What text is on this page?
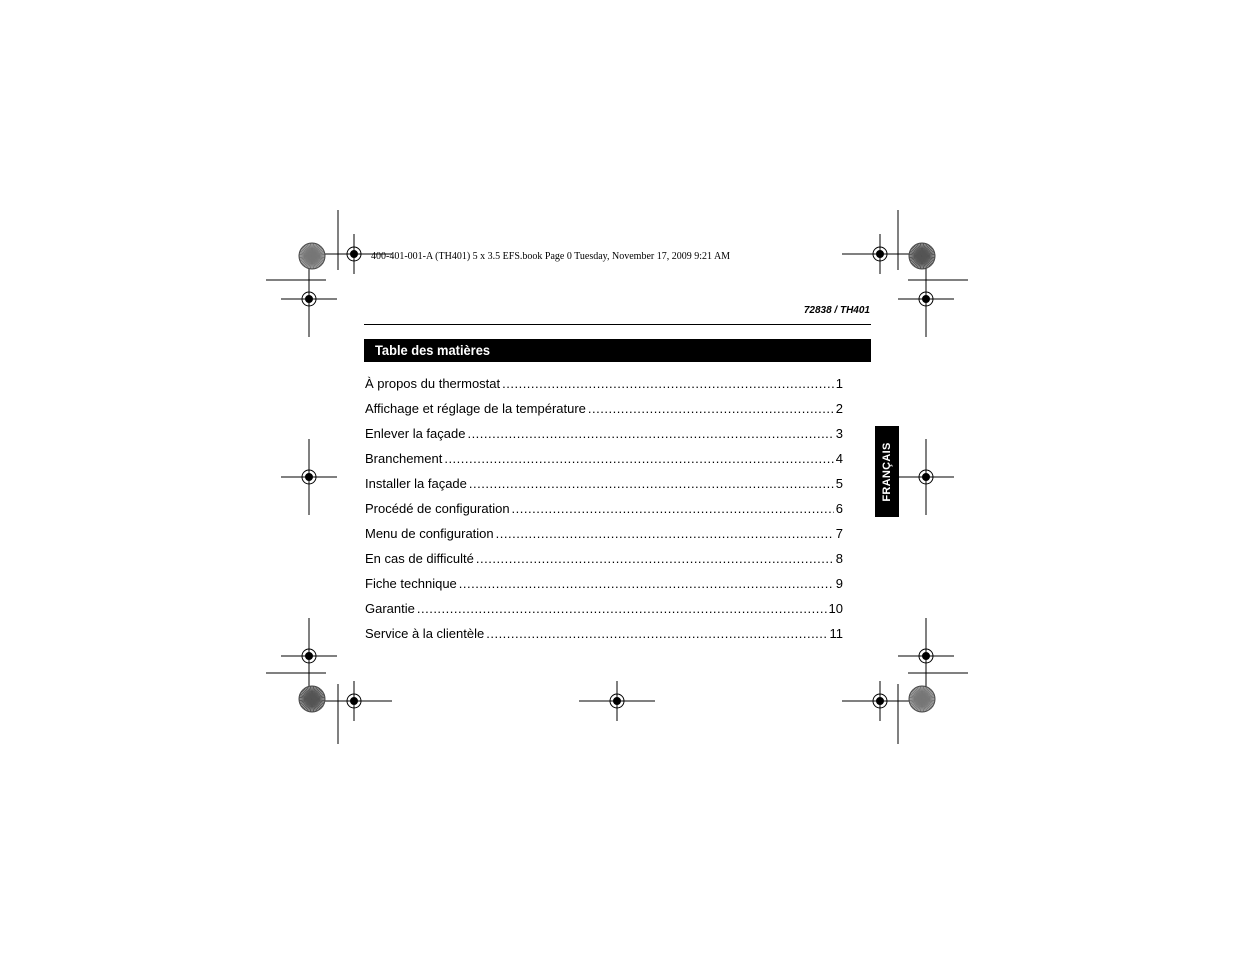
400-401-001-A (TH401) 5 x 3.5 EFS.book Page 0 Tuesday, November 17, 2009 9:21 AM
72838 / TH401
Table des matières
À propos du thermostat .....	1
Affichage et réglage de la température .....	2
Enlever la façade .....	3
Branchement .....	4
Installer la façade .....	5
Procédé de configuration .....	6
Menu de configuration .....	7
En cas de difficulté .....	8
Fiche technique .....	9
Garantie .....	10
Service à la clientèle .....	11
FRANÇAIS
